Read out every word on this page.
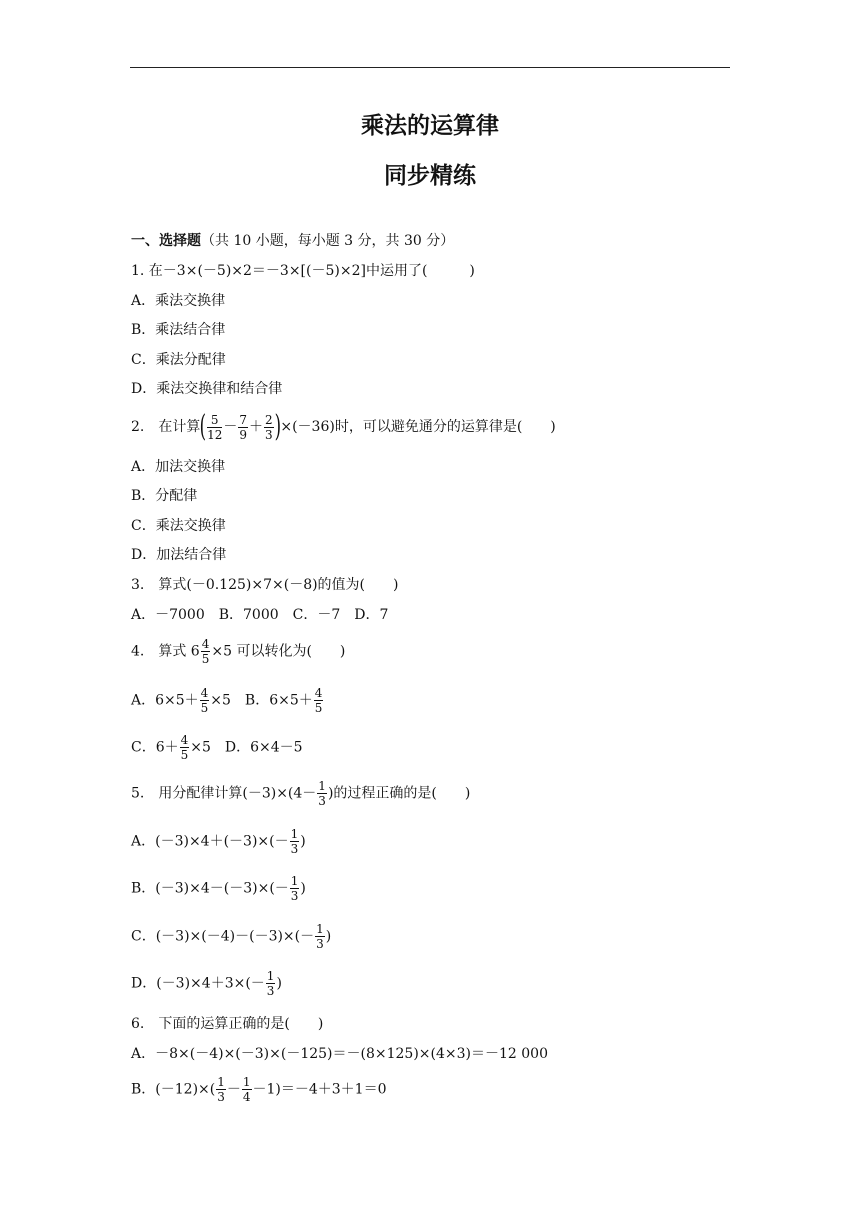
乘法的运算律
同步精练
一、选择题（共 10 小题，每小题 3 分，共 30 分）
1. 在－3×(－5)×2＝－3×[(－5)×2]中运用了(　　　)
A．乘法交换律
B．乘法结合律
C．乘法分配律
D．乘法交换律和结合律
2.　在计算( $\frac{5}{12} - \frac{7}{9} + \frac{2}{3} )\times(-36)$时，可以避免通分的运算律是(　　)
A．加法交换律
B．分配律
C．乘法交换律
D．加法结合律
3.　算式(－0.125)×7×(－8)的值为(　　)
A．－7000　B．7000　C．－7　D．7
4.　算式 $6 \frac{4}{5} \times 5$ 可以转化为(　　)
A．$6\times 5+ \frac{4}{5} \times 5$　B．$6\times 5+ \frac{4}{5}$
C．$6+ \frac{4}{5} \times 5$　D．6×4－5
5.　用分配律计算$(-3)\times(4- \frac{1}{3}$ )的过程正确的是(　　)
A．$(-3)\times 4+(-3)\times(- \frac{1}{3}$ )
B．$(-3)\times 4-(-3)\times(- \frac{1}{3}$ )
C．$(-3)\times(-4)-(-3)\times(- \frac{1}{3}$ )
D．$(-3)\times 4+3\times(- \frac{1}{3}$ )
6.　下面的运算正确的是(　　)
A．－8×(－4)×(－3)×(－125)＝－(8×125)×(4×3)＝－12 000
B．$(-12)\times( \frac{1}{3} - \frac{1}{4} -1)=-4+3+1=0$
